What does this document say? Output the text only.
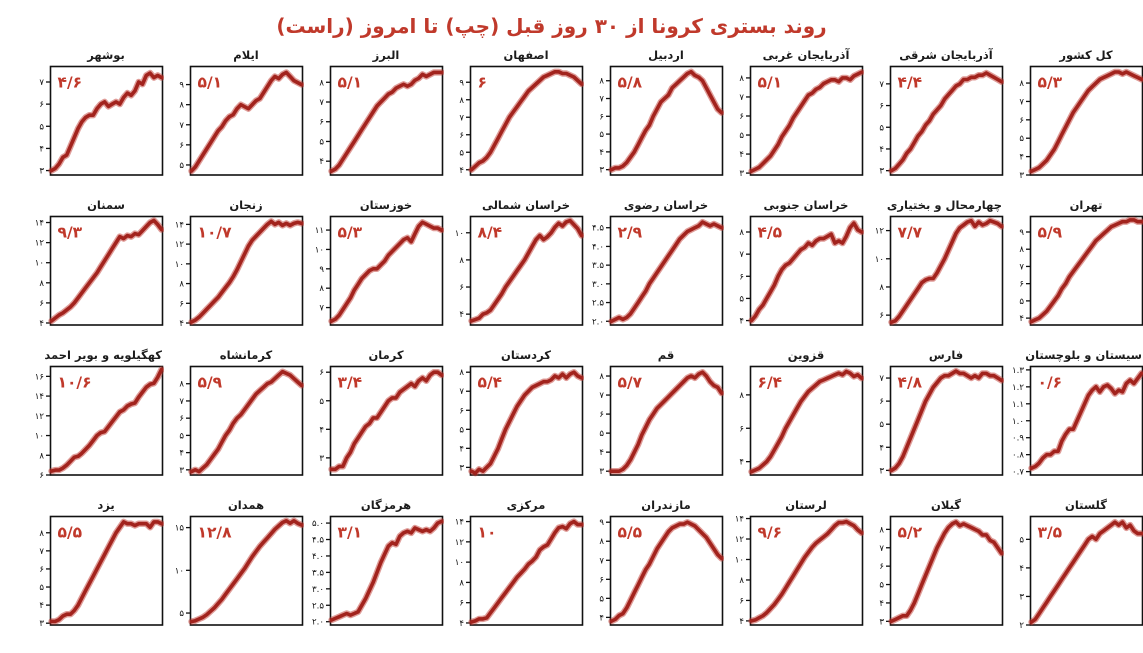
روند بستری کرونا از ۳۰ روز قبل (چپ) تا امروز (راست)
بوشهر
۳
۴
۵
۶
۷ ۴/۶
ایلام
۵
۶
۷
۸
۹ ۵/۱
البرز
۴
۵
۶
۷
۸ ۵/۱
اصفهان
۴
۵
۶
۷
۸
۹ ۶
اردبیل
۳
۴
۵
۶
۷
۸ ۵/۸
آذربایجان غربی
۳
۴
۵
۶
۷
۸ ۵/۱
آذربایجان شرقی
۳
۴
۵
۶
۷ ۴/۴
کل کشور
۳
۴
۵
۶
۷
۸ ۵/۳
سمنان
۴
۶
۸
۱۰
۱۲
۱۴ ۹/۳
زنجان
۴
۶
۸
۱۰
۱۲
۱۴ ۱۰/۷
خوزستان
۷
۸
۹
۱۰
۱۱ ۵/۳
خراسان شمالی
۴
۶
۸
۱۰ ۸/۴
خراسان رضوی
۲.۰
۲.۵
۳.۰
۳.۵
۴.۰
۴.۵ ۲/۹
خراسان جنوبی
۴
۵
۶
۷
۸ ۴/۵
چهارمحال و بختیاری
۶
۸
۱۰
۱۲ ۷/۷
تهران
۴
۵
۶
۷
۸
۹ ۵/۹
کهگیلویه و بویر احمد
۶
۸
۱۰
۱۲
۱۴
۱۶ ۱۰/۶
کرمانشاه
۳
۴
۵
۶
۷
۸ ۵/۹
کرمان
۳
۴
۵
۶
۳/۴
کردستان
۳
۴
۵
۶
۷
۸
۵/۴
قم
۳
۴
۵
۶
۷
۸ ۵/۷
قزوین
۴
۶
۸
۶/۴
فارس
۳
۴
۵
۶
۷ ۴/۸
سیستان و بلوچستان
۰.۷
۰.۸
۰.۹
۱.۰
۱.۱
۱.۲
۱.۳
۰/۶
یزد
۳
۴
۵
۶
۷
۸ ۵/۵
همدان
۵
۱۰
۱۵ ۱۲/۸
هرمزگان
۲.۰
۲.۵
۳.۰
۳.۵
۴.۰
۴.۵
۵.۰ ۳/۱
مرکزی
۴
۶
۸
۱۰
۱۲
۱۴
۱۰
مازندران
۴
۵
۶
۷
۸
۹
۵/۵
لرستان
۴
۶
۸
۱۰
۱۲
۱۴
۹/۶
گیلان
۳
۴
۵
۶
۷
۸ ۵/۲
گلستان
۲
۳
۴
۵ ۳/۵
